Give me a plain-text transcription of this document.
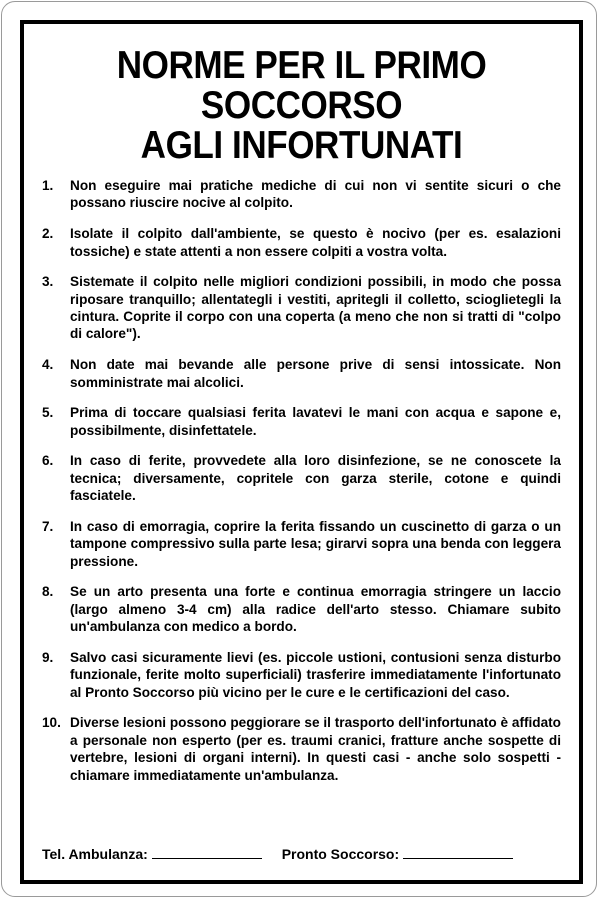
NORME PER IL PRIMO SOCCORSO
AGLI INFORTUNATI
1. Non eseguire mai pratiche mediche di cui non vi sentite sicuri o che possano riuscire nocive al colpito.
2. Isolate il colpito dall'ambiente, se questo è nocivo (per es. esalazioni tossiche) e state attenti a non essere colpiti a vostra volta.
3. Sistemate il colpito nelle migliori condizioni possibili, in modo che possa riposare tranquillo; allentategli i vestiti, apritegli il colletto, scioglietegli la cintura. Coprite il corpo con una coperta (a meno che non si tratti di "colpo di calore").
4. Non date mai bevande alle persone prive di sensi intossicate. Non somministrate mai alcolici.
5. Prima di toccare qualsiasi ferita lavatevi le mani con acqua e sapone e, possibilmente, disinfettatele.
6. In caso di ferite, provvedete alla loro disinfezione, se ne conoscete la tecnica; diversamente, copritele con garza sterile, cotone e quindi fasciatele.
7. In caso di emorragia, coprire la ferita fissando un cuscinetto di garza o un tampone compressivo sulla parte lesa; girarvi sopra una benda con leggera pressione.
8. Se un arto presenta una forte e continua emorragia stringere un laccio (largo almeno 3-4 cm) alla radice dell'arto stesso. Chiamare subito un'ambulanza con medico a bordo.
9. Salvo casi sicuramente lievi (es. piccole ustioni, contusioni senza disturbo funzionale, ferite molto superficiali) trasferire immediatamente l'infortunato al Pronto Soccorso più vicino per le cure e le certificazioni del caso.
10. Diverse lesioni possono peggiorare se il trasporto dell'infortunato è affidato a personale non esperto (per es. traumi cranici, fratture anche sospette di vertebre, lesioni di organi interni). In questi casi - anche solo sospetti - chiamare immediatamente un'ambulanza.
Tel. Ambulanza:	Pronto Soccorso:
